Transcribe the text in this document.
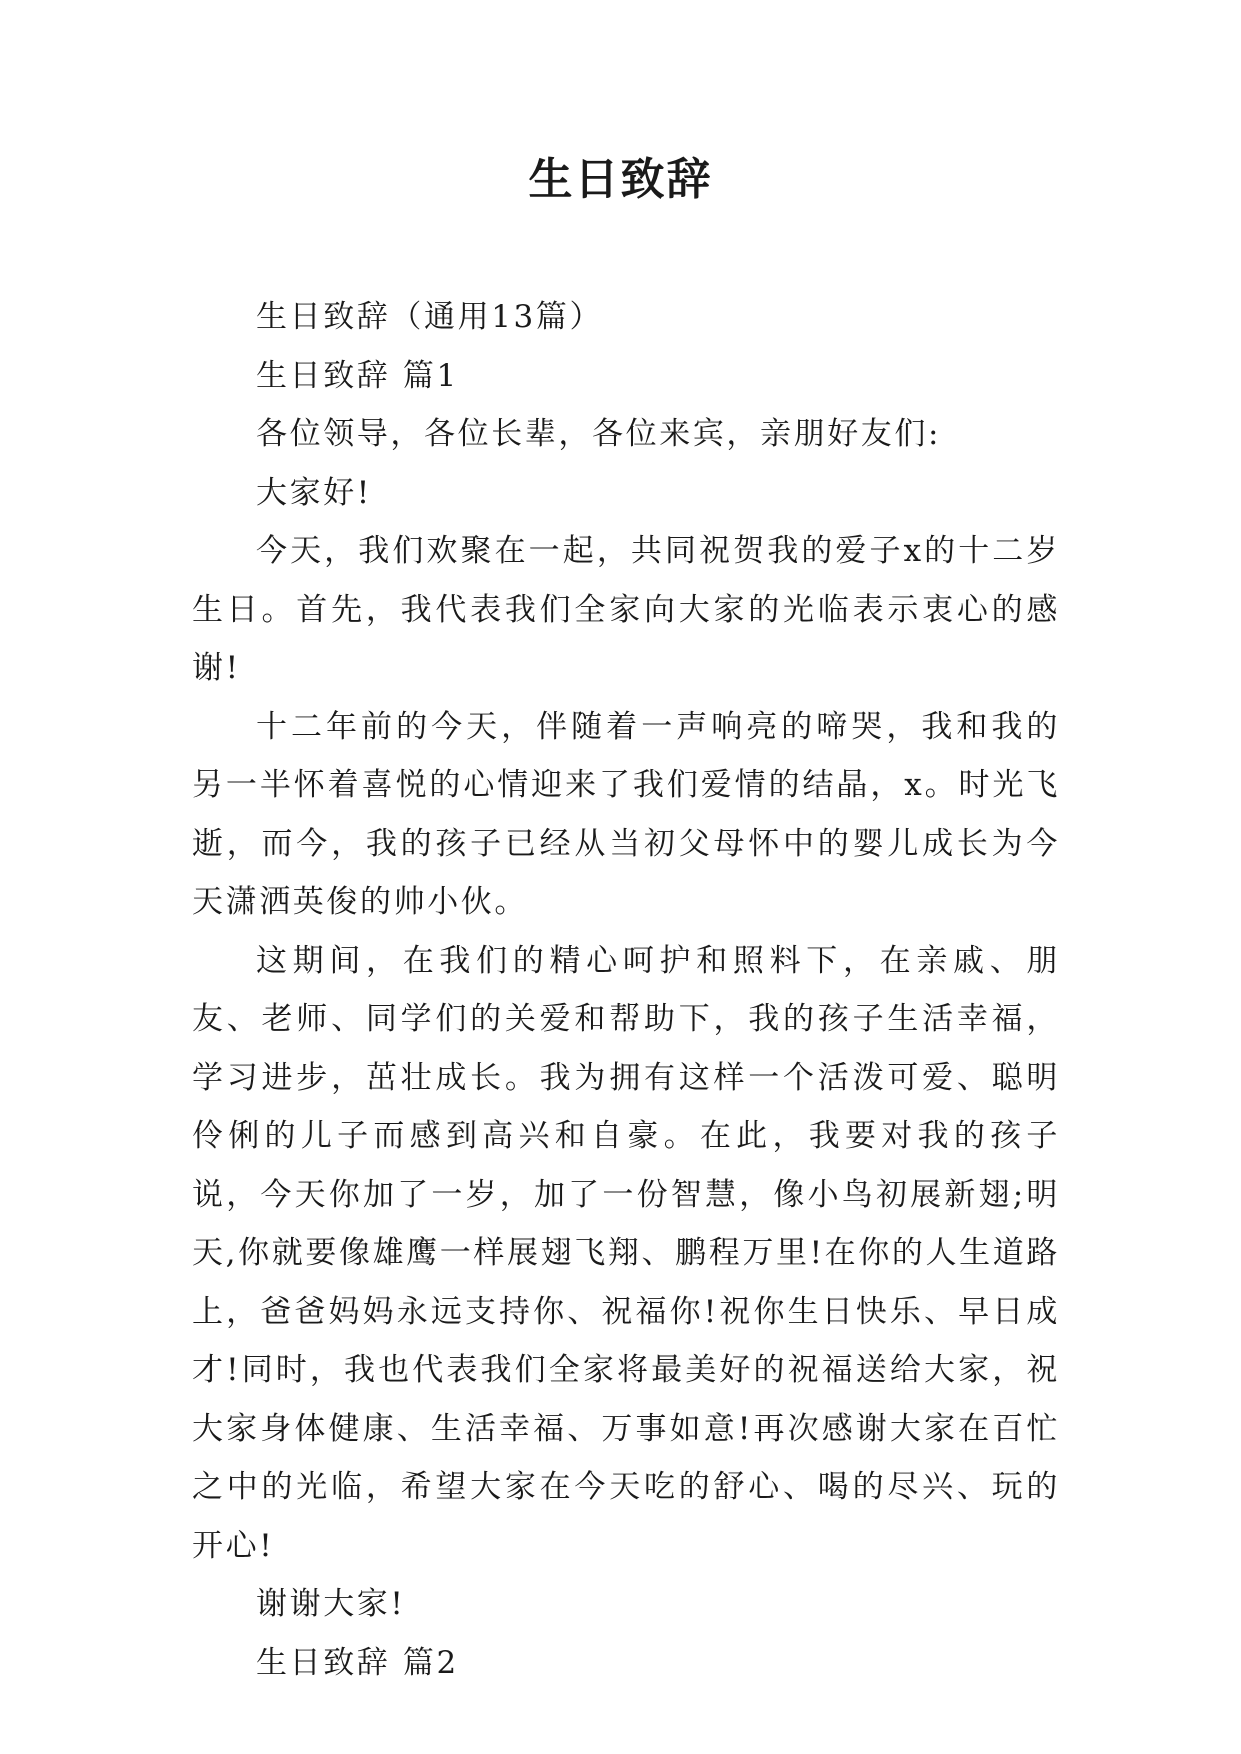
生日致辞

生日致辞（通用13篇）

生日致辞 篇1

各位领导，各位长辈，各位来宾，亲朋好友们:

大家好!

今天，我们欢聚在一起，共同祝贺我的爱子x的十二岁生日。首先，我代表我们全家向大家的光临表示衷心的感谢!

十二年前的今天，伴随着一声响亮的啼哭，我和我的另一半怀着喜悦的心情迎来了我们爱情的结晶，x。时光飞逝，而今，我的孩子已经从当初父母怀中的婴儿成长为今天潇洒英俊的帅小伙。

这期间，在我们的精心呵护和照料下，在亲戚、朋友、老师、同学们的关爱和帮助下，我的孩子生活幸福，学习进步，茁壮成长。我为拥有这样一个活泼可爱、聪明伶俐的儿子而感到高兴和自豪。在此，我要对我的孩子说，今天你加了一岁，加了一份智慧，像小鸟初展新翅;明天,你就要像雄鹰一样展翅飞翔、鹏程万里!在你的人生道路上，爸爸妈妈永远支持你、祝福你!祝你生日快乐、早日成才!同时，我也代表我们全家将最美好的祝福送给大家，祝大家身体健康、生活幸福、万事如意!再次感谢大家在百忙之中的光临，希望大家在今天吃的舒心、喝的尽兴、玩的开心!

谢谢大家!

生日致辞 篇2
